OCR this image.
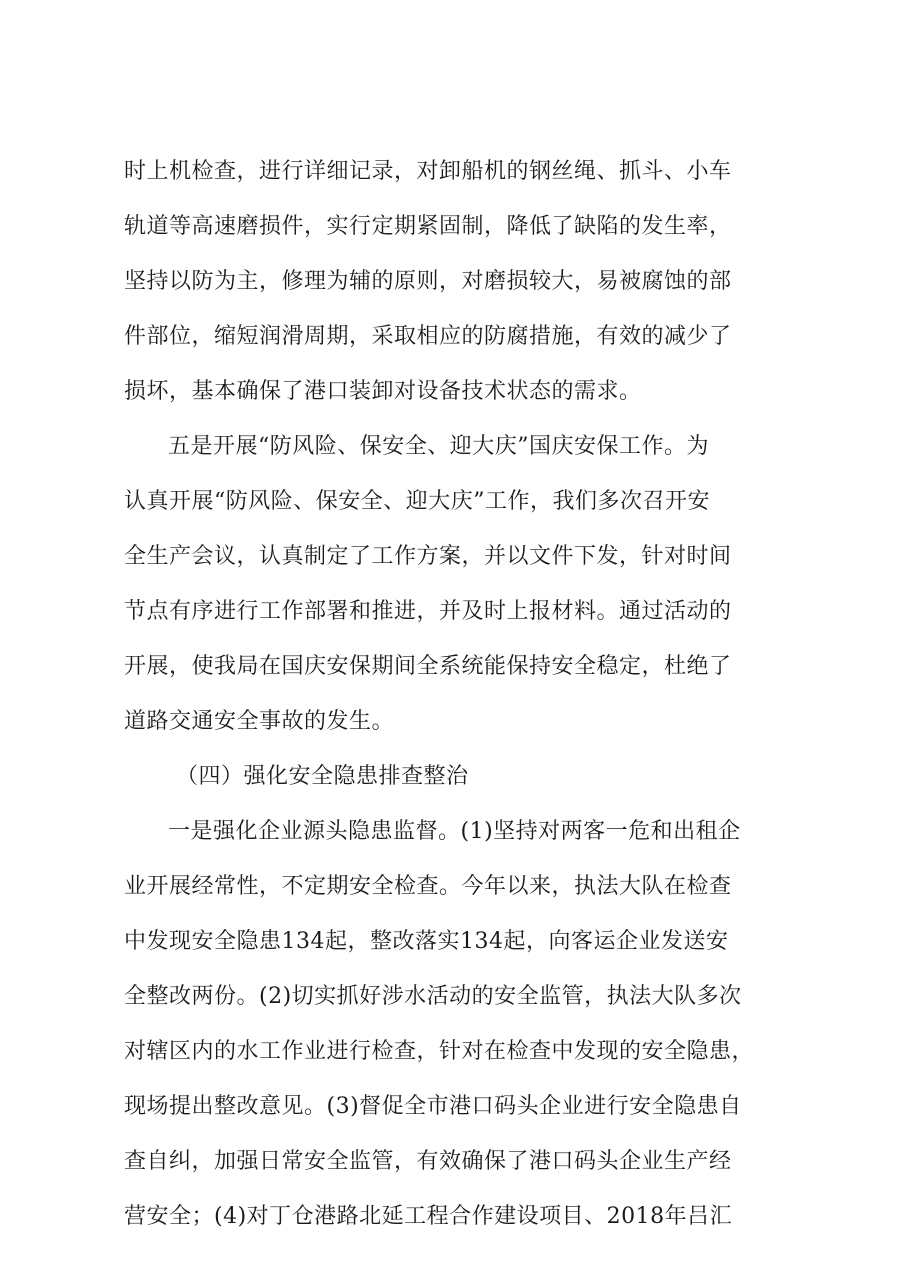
时上机检查，进行详细记录，对卸船机的钢丝绳、抓斗、小车
轨道等高速磨损件，实行定期紧固制，降低了缺陷的发生率，
坚持以防为主，修理为辅的原则，对磨损较大，易被腐蚀的部
件部位，缩短润滑周期，采取相应的防腐措施，有效的减少了
损坏，基本确保了港口装卸对设备技术状态的需求。
五是开展“防风险、保安全、迎大庆”国庆安保工作。为
认真开展“防风险、保安全、迎大庆”工作，我们多次召开安
全生产会议，认真制定了工作方案，并以文件下发，针对时间
节点有序进行工作部署和推进，并及时上报材料。通过活动的
开展，使我局在国庆安保期间全系统能保持安全稳定，杜绝了
道路交通安全事故的发生。
（四）强化安全隐患排查整治
一是强化企业源头隐患监督。(1)坚持对两客一危和出租企
业开展经常性，不定期安全检查。今年以来，执法大队在检查
中发现安全隐患134起，整改落实134起，向客运企业发送安
全整改两份。(2)切实抓好涉水活动的安全监管，执法大队多次
对辖区内的水工作业进行检查，针对在检查中发现的安全隐患，
现场提出整改意见。(3)督促全市港口码头企业进行安全隐患自
查自纠，加强日常安全监管，有效确保了港口码头企业生产经
营安全；(4)对丁仓港路北延工程合作建设项目、2018年吕汇
